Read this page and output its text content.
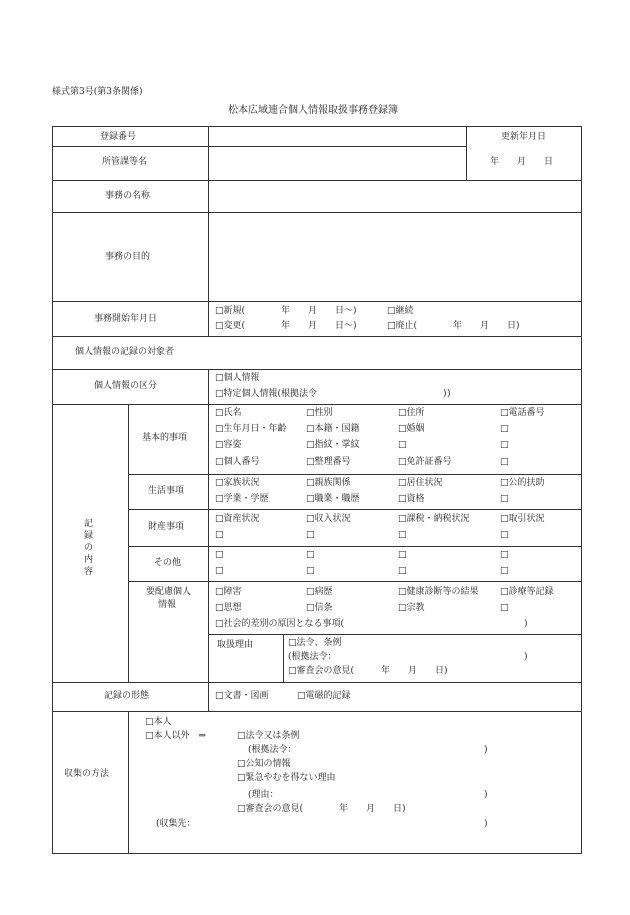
様式第3号(第3条関係)
松本広域連合個人情報取扱事務登録簿
登録番号	更新年月日
所管課等名	年　　月　　日
事務の名称
事務の目的
事務開始年月日
□新規(　　　　年　　月　　日〜)	□継続
□変更(　　　　年　　月　　日〜)	□廃止(　　　　年　　月　　日)
個人情報の記録の対象者
個人情報の区分
□個人情報
□特定個人情報(根拠法令　　　　　　　　　　　　　　) )
記録の内容
基本的事項
□氏名	□性別	□住所	□電話番号
□生年月日・年齢 □本籍・国籍	□婚姻	□
□容姿	□指紋・掌紋	□	□
□個人番号	□整理番号	□免許証番号	□
生活事項
□家族状況	□親族関係	□居住状況	□公的扶助
□学業・学歴	□職業・職歴	□資格	□
財産事項
□資産状況	□収入状況	□課税・納税状況	□取引状況
□	□	□	□
その他
□	□	□	□
□	□	□	□
要配慮個人
情報
□障害	□病歴	□健康診断等の結果 □診療等記録
□思想	□信条	□宗教	□
□社会的差別の原因となる事項(	)
取扱理由	□法令、条例
(根拠法令：	)
□審査会の意見(　　　年　　月　　日)
記録の形態	□文書・図画	□電磁的記録
収集の方法
□本人
□本人以外　⇒	□法令又は条例
(根拠法令：	)
□公知の情報
□緊急やむを得ない理由
(理由：	)
□審査会の意見(　　　　年　　月　　日)
(収集先：	)
